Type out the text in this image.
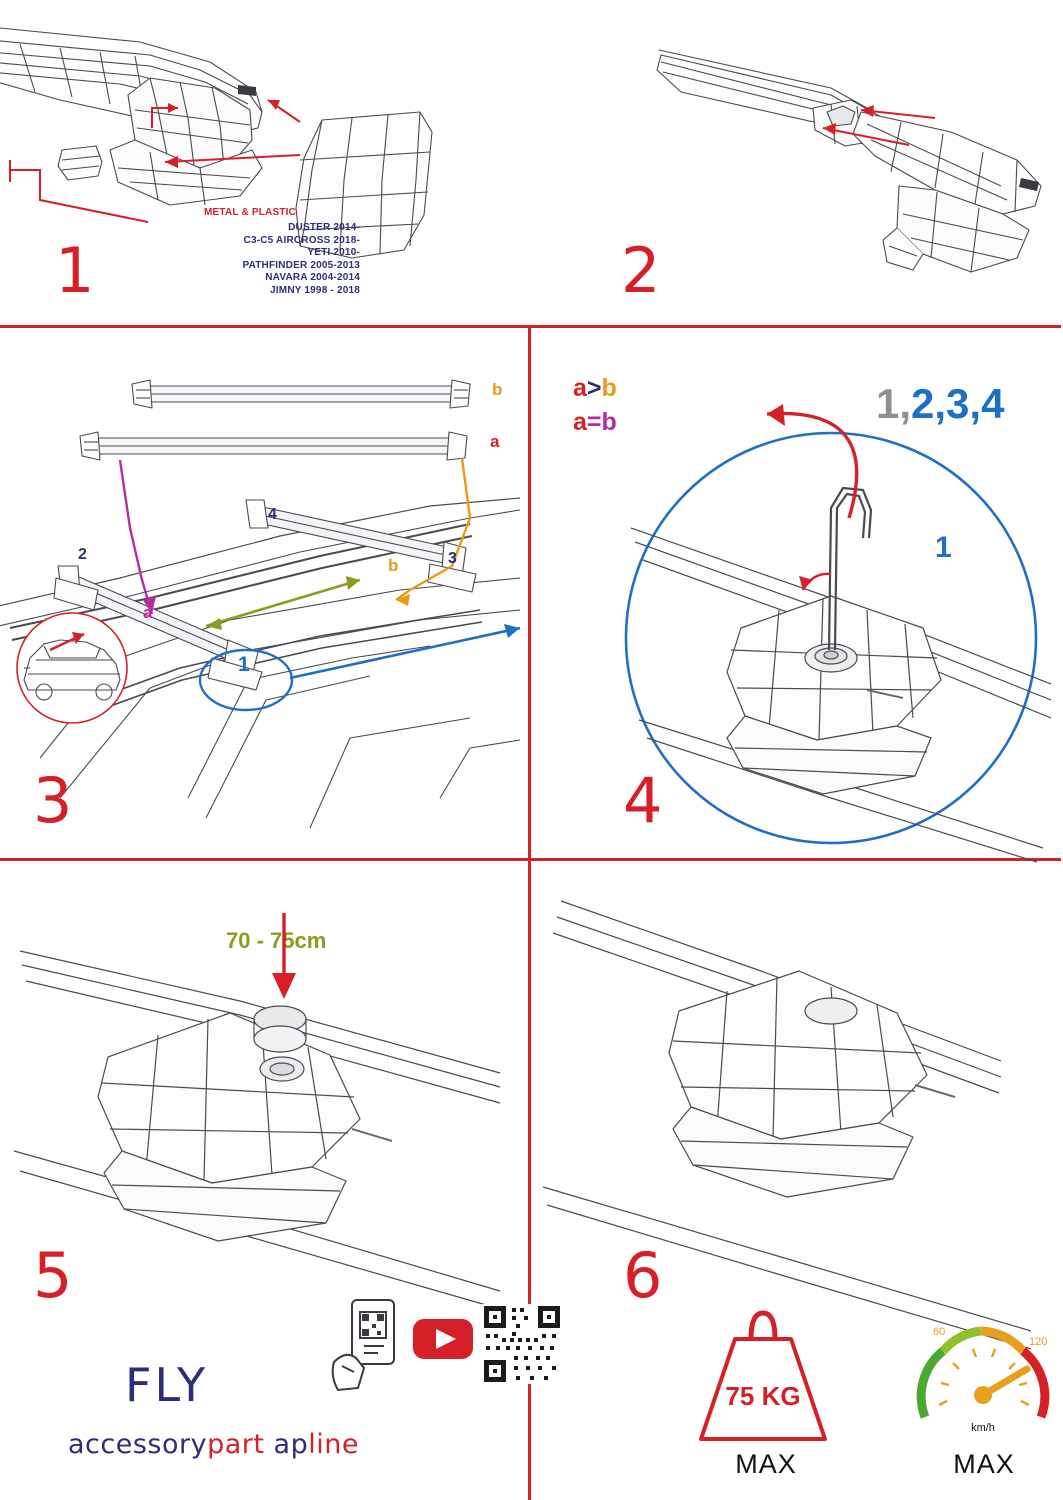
METAL & PLASTIC
DUSTER 2014-
C3-C5 AIRCROSS 2018-
YETI 2010-
PATHFINDER 2005-2013
NAVARA 2004-2014
JIMNY 1998 - 2018
1	2
70 - 75cm
b
a
2
4
3
1
a
b
3
a>b
a=b	1,2,3,4
1
4
5
FLY
accessorypart apline
6
75 KG
MAX
60
120
km/h
MAX
